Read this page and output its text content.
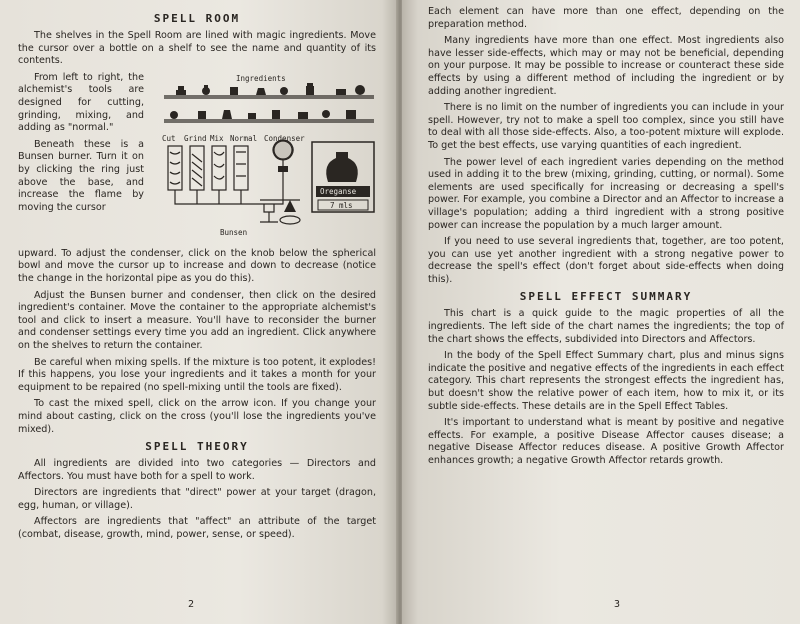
SPELL ROOM

The shelves in the Spell Room are lined with magic ingredients. Move the cursor over a bottle on a shelf to see the name and quantity of its contents.

From left to right, the alchemist's tools are designed for cutting, grinding, mixing, and adding as "normal."

Beneath these is a Bunsen burner. Turn it on by clicking the ring just above the base, and increase the flame by moving the cursor

Ingredients
Cut Grind Mix Normal Condenser
Bunsen
Oreganse
7 mls

upward. To adjust the condenser, click on the knob below the spherical bowl and move the cursor up to increase and down to decrease (notice the change in the horizontal pipe as you do this).

Adjust the Bunsen burner and condenser, then click on the desired ingredient's container. Move the container to the appropriate alchemist's tool and click to insert a measure. You'll have to reconsider the burner and condenser settings every time you add an ingredient. Click anywhere on the shelves to return the container.

Be careful when mixing spells. If the mixture is too potent, it explodes! If this happens, you lose your ingredients and it takes a month for your equipment to be repaired (no spell-mixing until the tools are fixed).

To cast the mixed spell, click on the arrow icon. If you change your mind about casting, click on the cross (you'll lose the ingredients you've mixed).

SPELL THEORY

All ingredients are divided into two categories — Directors and Affectors. You must have both for a spell to work.

Directors are ingredients that "direct" power at your target (dragon, egg, human, or village).

Affectors are ingredients that "affect" an attribute of the target (combat, disease, growth, mind, power, sense, or speed).

2

Each element can have more than one effect, depending on the preparation method.

Many ingredients have more than one effect. Most ingredients also have lesser side-effects, which may or may not be beneficial, depending on your purpose. It may be possible to increase or counteract these side effects by using a different method of including the ingredient or by adding another ingredient.

There is no limit on the number of ingredients you can include in your spell. However, try not to make a spell too complex, since you still have to deal with all those side-effects. Also, a too-potent mixture will explode. To get the best effects, use varying quantities of each ingredient.

The power level of each ingredient varies depending on the method used in adding it to the brew (mixing, grinding, cutting, or normal). Some elements are used specifically for increasing or decreasing a spell's power. For example, you combine a Director and an Affector to increase a village's population; adding a third ingredient with a strong positive power can increase the population by a much larger amount.

If you need to use several ingredients that, together, are too potent, you can use yet another ingredient with a strong negative power to decrease the spell's effect (don't forget about side-effects when doing this).

SPELL EFFECT SUMMARY

This chart is a quick guide to the magic properties of all the ingredients. The left side of the chart names the ingredients; the top of the chart shows the effects, subdivided into Directors and Affectors.

In the body of the Spell Effect Summary chart, plus and minus signs indicate the positive and negative effects of the ingredients in each effect category. This chart represents the strongest effects the ingredient has, but doesn't show the relative power of each item, how to mix it, or its subtle side-effects. These details are in the Spell Effect Tables.

It's important to understand what is meant by positive and negative effects. For example, a positive Disease Affector causes disease; a negative Disease Affector reduces disease. A positive Growth Affector enhances growth; a negative Growth Affector retards growth.

3
